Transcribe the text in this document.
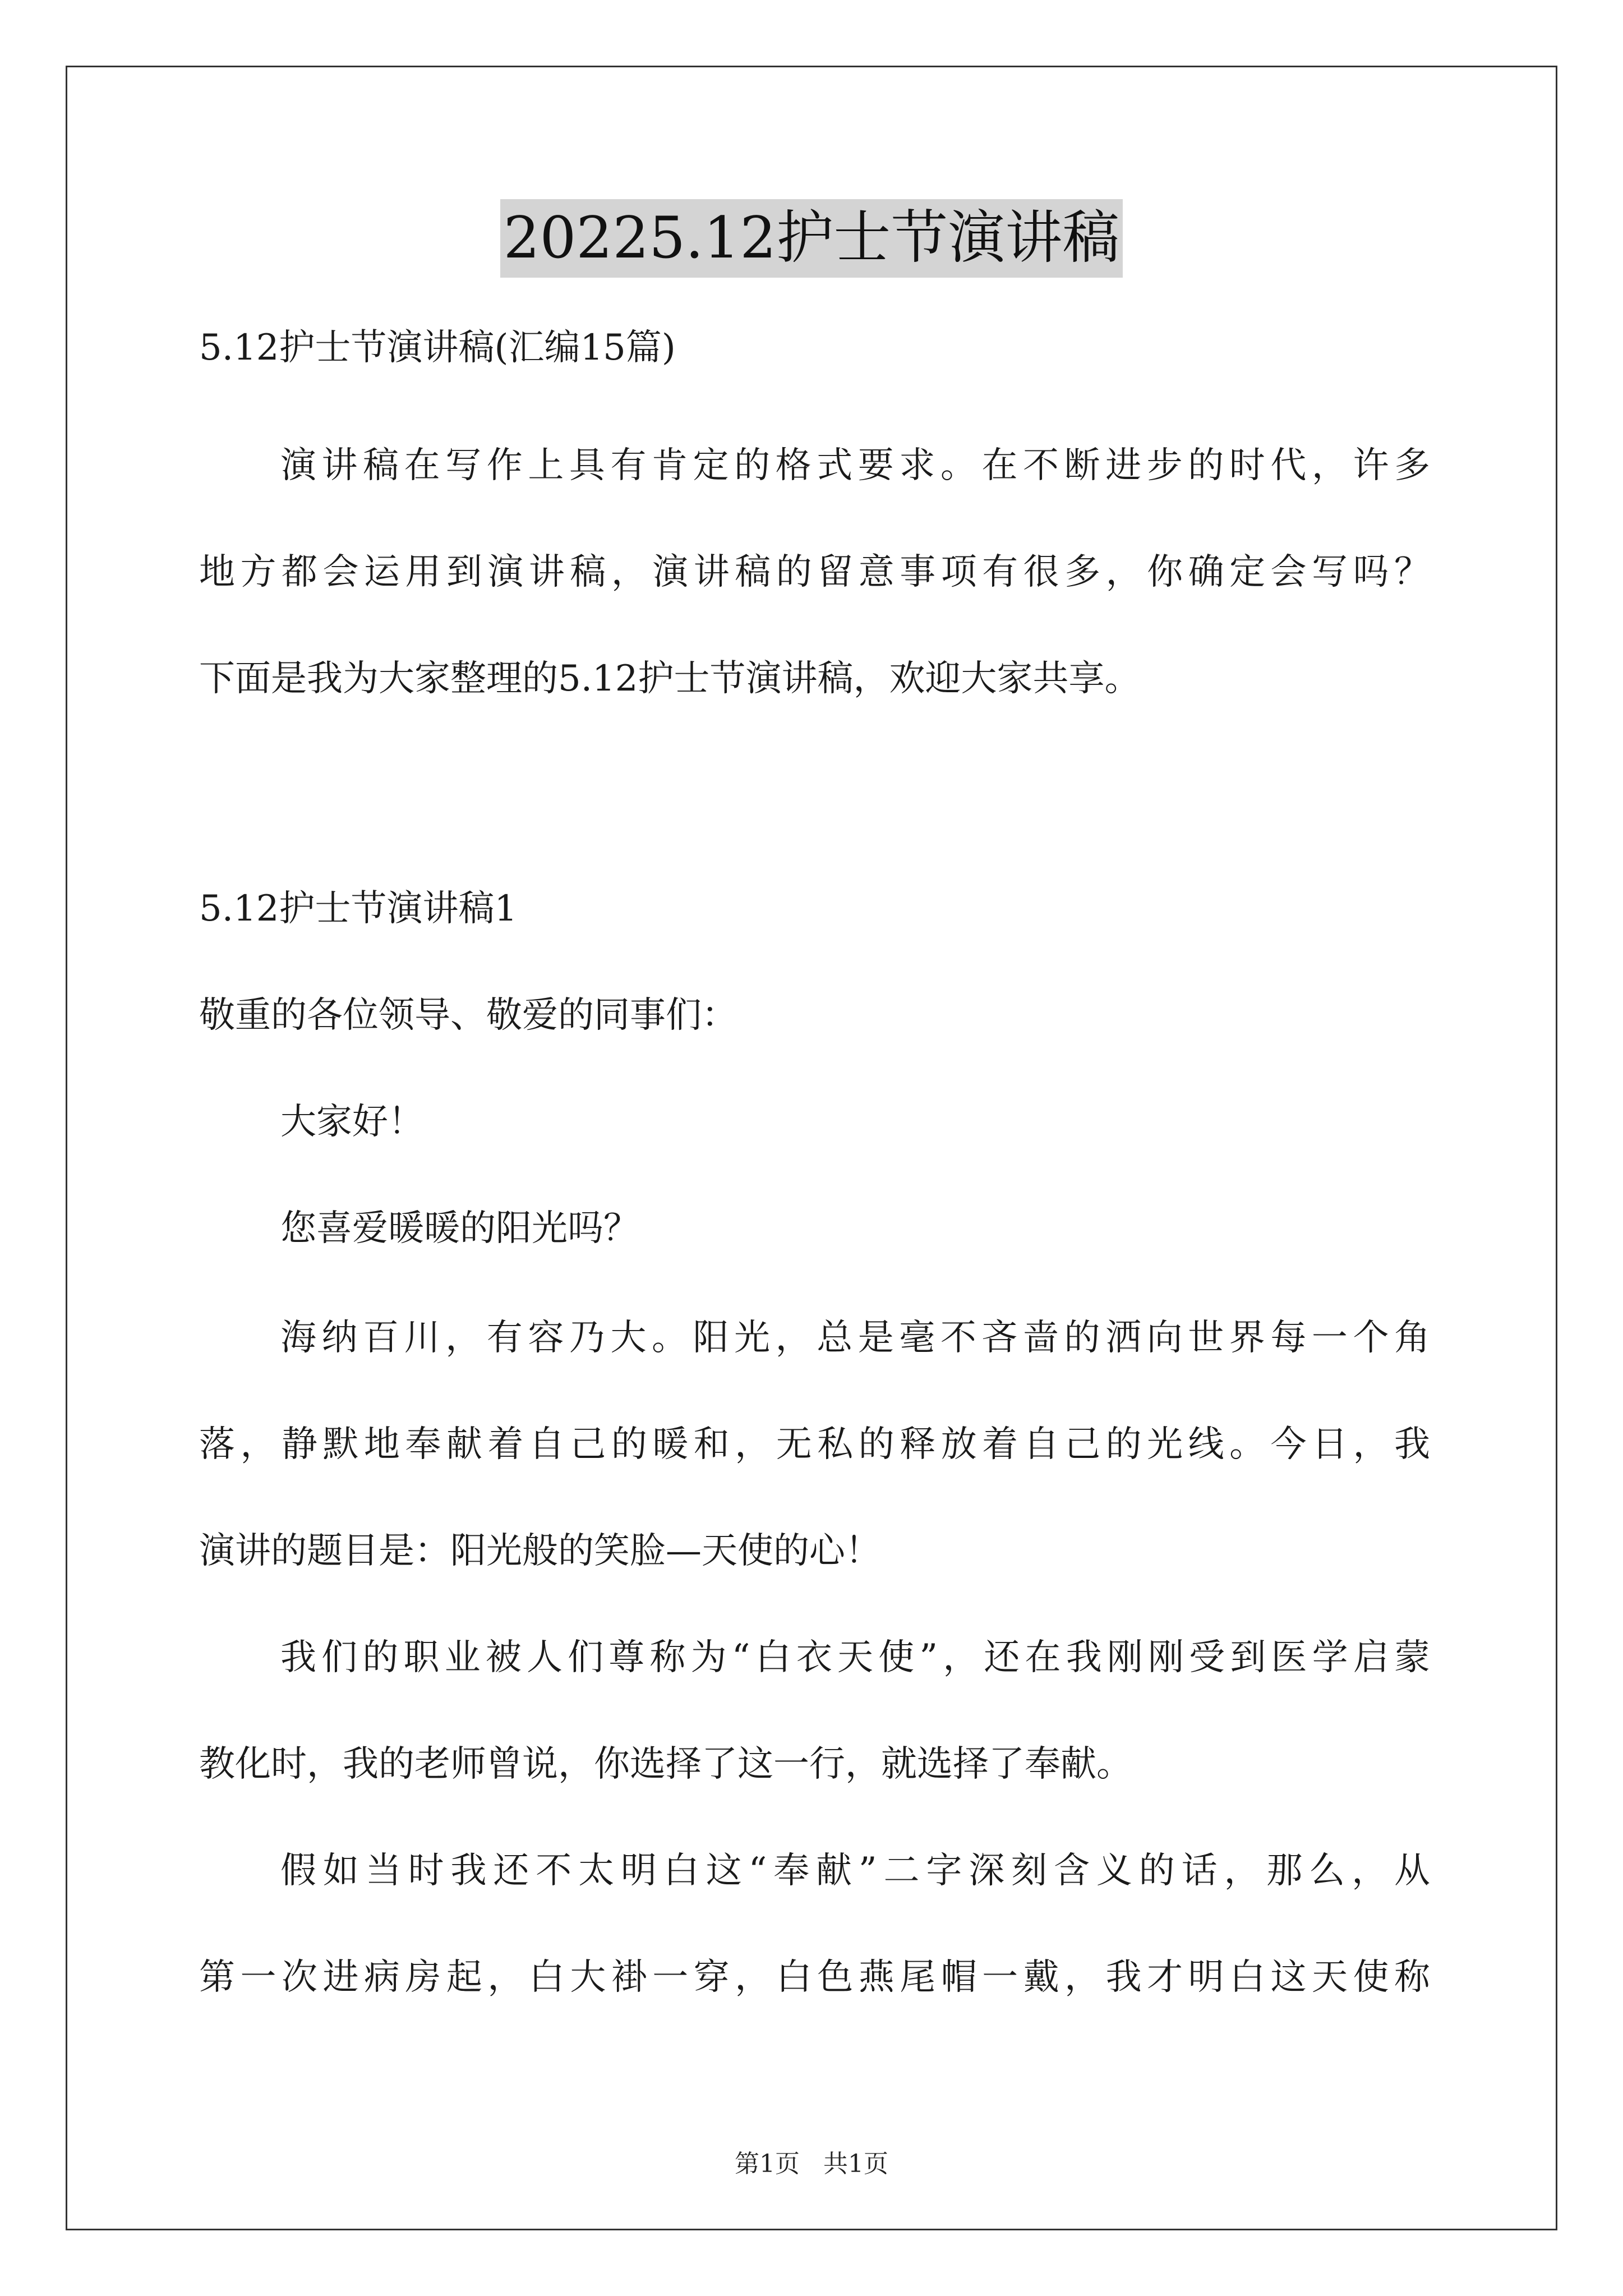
20225.12护士节演讲稿
5.12护士节演讲稿(汇编15篇)
演讲稿在写作上具有肯定的格式要求。在不断进步的时代，许多
地方都会运用到演讲稿，演讲稿的留意事项有很多，你确定会写吗？
下面是我为大家整理的5.12护士节演讲稿，欢迎大家共享。
5.12护士节演讲稿1
敬重的各位领导、敬爱的同事们：
大家好！
您喜爱暖暖的阳光吗？
海纳百川，有容乃大。阳光，总是毫不吝啬的洒向世界每一个角
落，静默地奉献着自己的暖和，无私的释放着自己的光线。今日，我
演讲的题目是：阳光般的笑脸—天使的心！
我们的职业被人们尊称为“白衣天使”，还在我刚刚受到医学启蒙
教化时，我的老师曾说，你选择了这一行，就选择了奉献。
假如当时我还不太明白这“奉献”二字深刻含义的话，那么，从
第一次进病房起，白大褂一穿，白色燕尾帽一戴，我才明白这天使称
第1页 共1页
